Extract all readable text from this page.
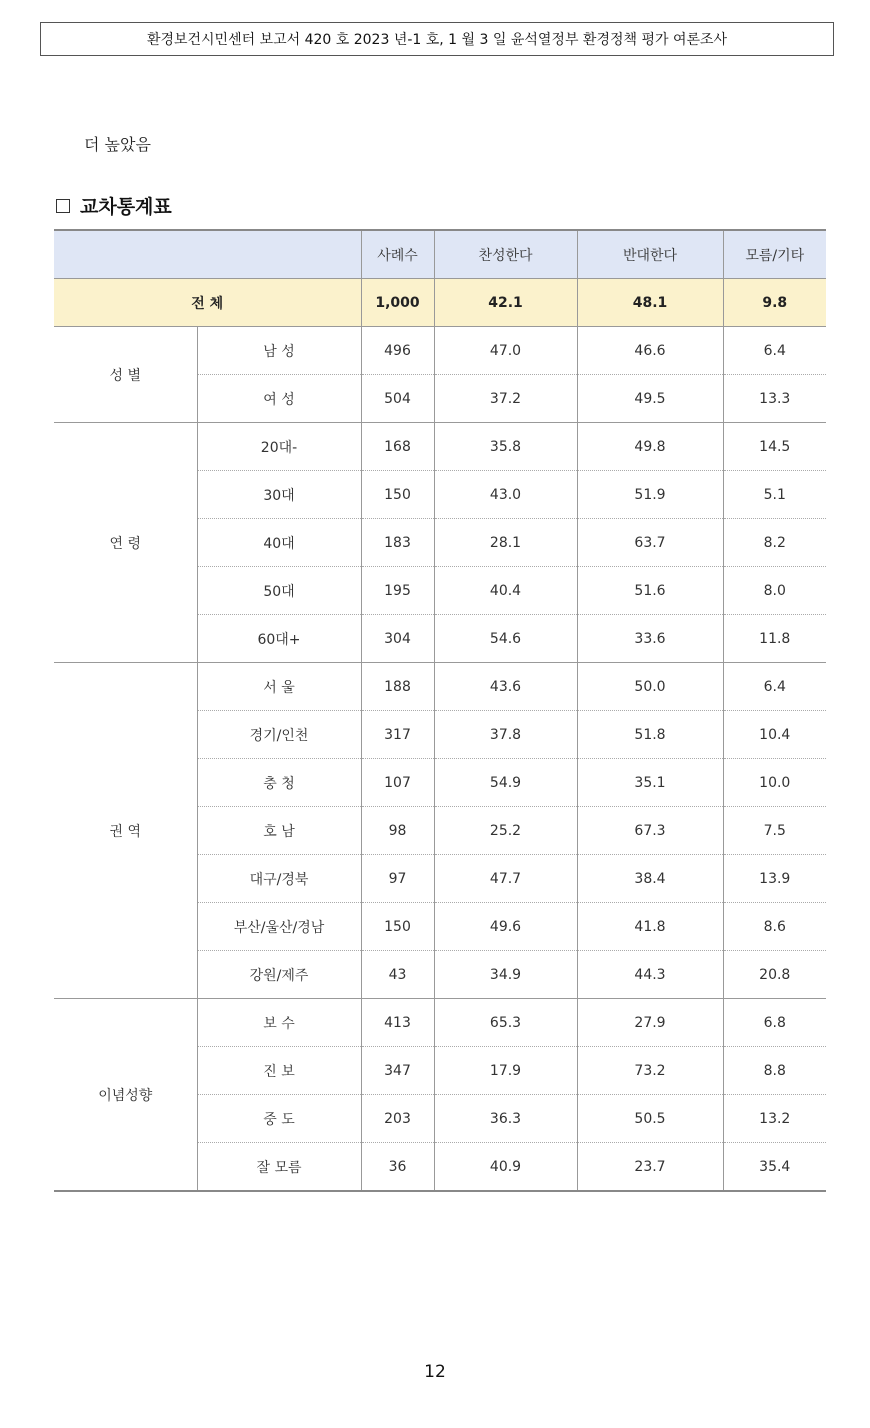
환경보건시민센터 보고서 420 호 2023 년-1 호, 1 월 3 일 윤석열정부 환경정책 평가 여론조사
더 높았음
교차통계표
		사례수	찬성한다	반대한다	모름/기타
전 체		1,000	42.1	48.1	9.8
성 별	남 성	496	47.0	46.6	6.4
	여 성	504	37.2	49.5	13.3
연 령	20대-	168	35.8	49.8	14.5
	30대	150	43.0	51.9	5.1
	40대	183	28.1	63.7	8.2
	50대	195	40.4	51.6	8.0
	60대+	304	54.6	33.6	11.8
권 역	서 울	188	43.6	50.0	6.4
	경기/인천	317	37.8	51.8	10.4
	충 청	107	54.9	35.1	10.0
	호 남	98	25.2	67.3	7.5
	대구/경북	97	47.7	38.4	13.9
	부산/울산/경남	150	49.6	41.8	8.6
	강원/제주	43	34.9	44.3	20.8
이념성향	보 수	413	65.3	27.9	6.8
	진 보	347	17.9	73.2	8.8
	중 도	203	36.3	50.5	13.2
	잘 모름	36	40.9	23.7	35.4
12
